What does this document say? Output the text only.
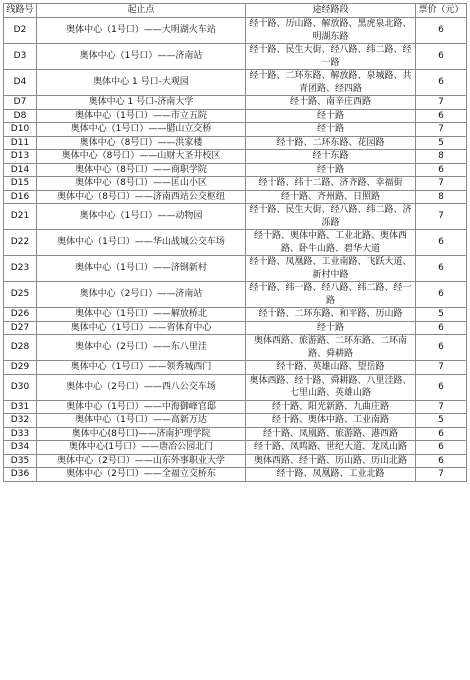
线路号	起止点	途经路段	票价（元）
D2	奥体中心（1号口）——大明湖火车站	经十路、历山路、解放路、黑虎泉北路、明湖东路	6
D3	奥体中心（1号口）——济南站	经十路、民生大街、经八路、纬二路、经一路	6
D4	奥体中心 1 号口-大观园	经十路、二环东路、解放路、泉城路、共青团路、经四路	6
D7	奥体中心 1 号口-济南大学	经十路、南辛庄西路	7
D8	奥体中心（1号口）——市立五院	经十路	6
D10	奥体中心（1号口）——腊山立交桥	经十路	7
D11	奥体中心（8号口）——洪家楼	经十路、二环东路、花园路	5
D13	奥体中心（8号口）——山财大圣井校区	经十东路	8
D14	奥体中心（8号口）——商职学院	经十路	6
D15	奥体中心（8号口）——匡山小区	经十路、纬十二路、济齐路、幸福街	7
D16	奥体中心（8号口）——济南西站公交枢纽	经十路、齐州路、日照路	8
D21	奥体中心（1号口）——动物园	经十路、民生大街、经八路、纬二路、济泺路	7
D22	奥体中心（1号口）——华山战城公交车场	经十路、奥体中路、工业北路、奥体西路、卧牛山路、碧华大道	6
D23	奥体中心（1号口）——济钢新村	经十路、凤凰路、工业南路、飞跃大道、新村中路	6
D25	奥体中心（2号口）——济南站	经十路、纬一路、经八路、纬二路、经一路	6
D26	奥体中心（1号口）——解放桥北	经十路、二环东路、和平路、历山路	5
D27	奥体中心（1号口）——省体育中心	经十路	6
D28	奥体中心（2号口）——东八里洼	奥体西路、旅游路、二环东路、二环南路、舜耕路	6
D29	奥体中心（1号口）——领秀城西门	经十路、英雄山路、望岳路	7
D30	奥体中心（2号口）——西八公交车场	奥体西路、经十路、舜耕路、八里洼路、七里山路、英雄山路	6
D31	奥体中心（1号口）——中海御峰官邸	经十路、阳光新路、九曲庄路	7
D32	奥体中心（1号口）——高新万达	经十路、奥体中路、工业南路	5
D33	奥体中心(8号口)——济南护理学院	经十路、凤凰路、旅游路、港西路	6
D34	奥体中心(1号口）——唐冶公园北门	经十路、凤鸣路、世纪大道、龙凤山路	6
D35	奥体中心（2号口）——山东外事职业大学	奥体西路、经十路、历山路、历山北路	6
D36	奥体中心（2号口）——全福立交桥东	经十路、凤凰路、工业北路	7
